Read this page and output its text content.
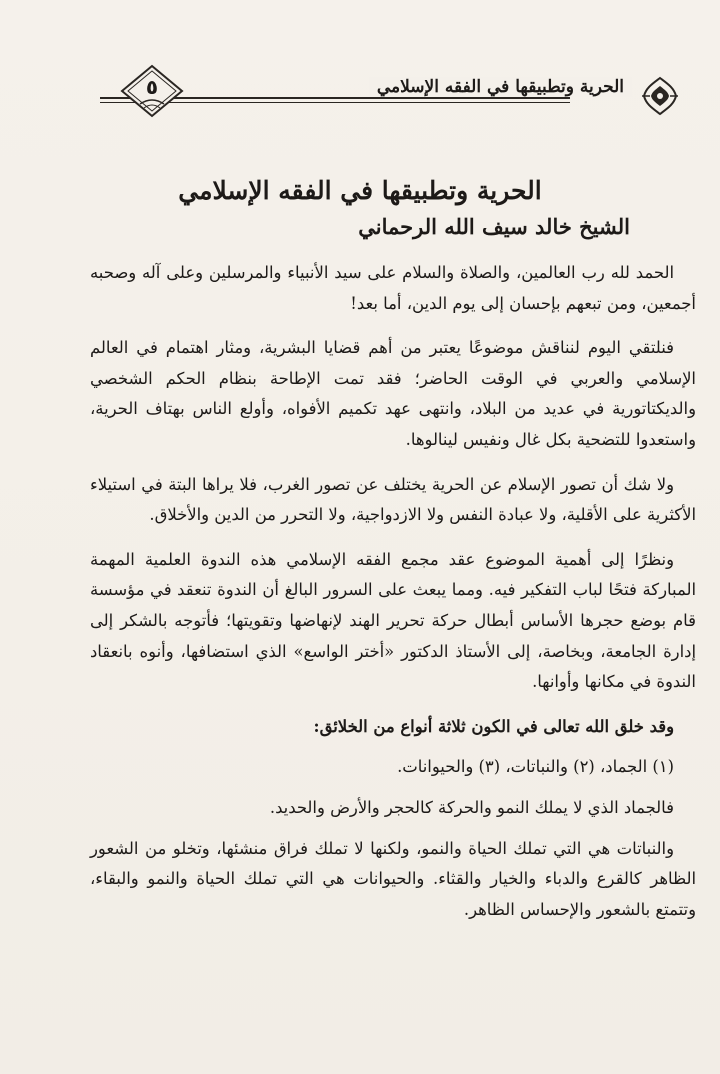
٥	الحرية وتطبيقها في الفقه الإسلامي
الحرية وتطبيقها في الفقه الإسلامي
الشيخ خالد سيف الله الرحماني

الحمد لله رب العالمين، والصلاة والسلام على سيد الأنبياء والمرسلين وعلى آله وصحبه أجمعين، ومن تبعهم بإحسان إلى يوم الدين، أما بعد!

فنلتقي اليوم لنناقش موضوعًا يعتبر من أهم قضايا البشرية، ومثار اهتمام في العالم الإسلامي والعربي في الوقت الحاضر؛ فقد تمت الإطاحة بنظام الحكم الشخصي والديكتاتورية في عديد من البلاد، وانتهى عهد تكميم الأفواه، وأولع الناس بهتاف الحرية، واستعدوا للتضحية بكل غال ونفيس لينالوها.

ولا شك أن تصور الإسلام عن الحرية يختلف عن تصور الغرب، فلا يراها البتة في استيلاء الأكثرية على الأقلية، ولا عبادة النفس ولا الازدواجية، ولا التحرر من الدين والأخلاق.

ونظرًا إلى أهمية الموضوع عقد مجمع الفقه الإسلامي هذه الندوة العلمية المهمة المباركة فتحًا لباب التفكير فيه. ومما يبعث على السرور البالغ أن الندوة تنعقد في مؤسسة قام بوضع حجرها الأساس أبطال حركة تحرير الهند لإنهاضها وتقويتها؛ فأتوجه بالشكر إلى إدارة الجامعة، وبخاصة، إلى الأستاذ الدكتور «أختر الواسع» الذي استضافها، وأنوه بانعقاد الندوة في مكانها وأوانها.

وقد خلق الله تعالى في الكون ثلاثة أنواع من الخلائق:

(١) الجماد، (٢) والنباتات، (٣) والحيوانات.

فالجماد الذي لا يملك النمو والحركة كالحجر والأرض والحديد.

والنباتات هي التي تملك الحياة والنمو، ولكنها لا تملك فراق منشئها، وتخلو من الشعور الظاهر كالقرع والدباء والخيار والقثاء. والحيوانات هي التي تملك الحياة والنمو والبقاء، وتتمتع بالشعور والإحساس الظاهر.
